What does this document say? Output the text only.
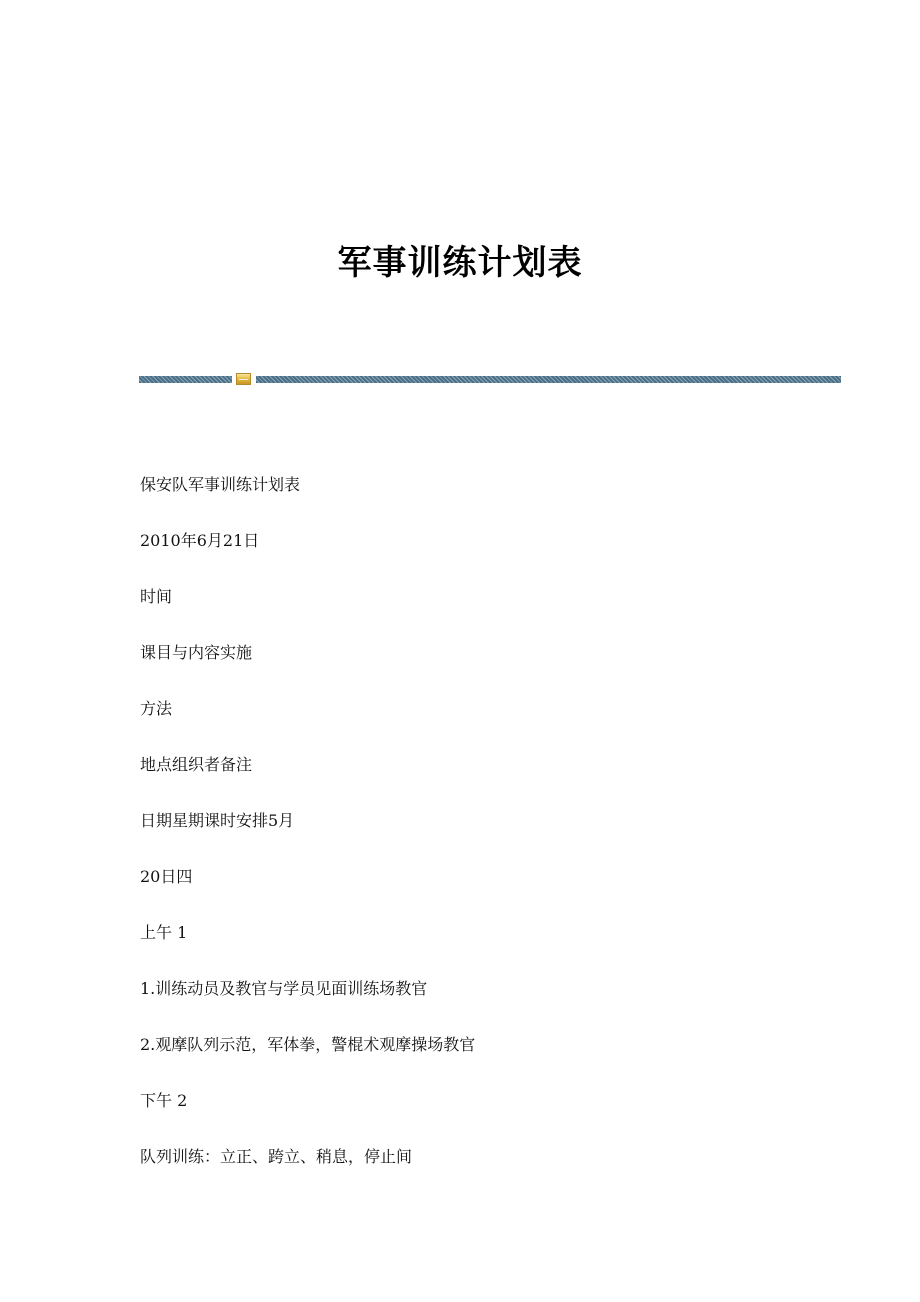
军事训练计划表
保安队军事训练计划表
2010年6月21日
时间
课目与内容实施
方法
地点组织者备注
日期星期课时安排5月
20日四
上午 1
1.训练动员及教官与学员见面训练场教官
2.观摩队列示范，军体拳，警棍术观摩操场教官
下午 2
队列训练：立正、跨立、稍息，停止间
